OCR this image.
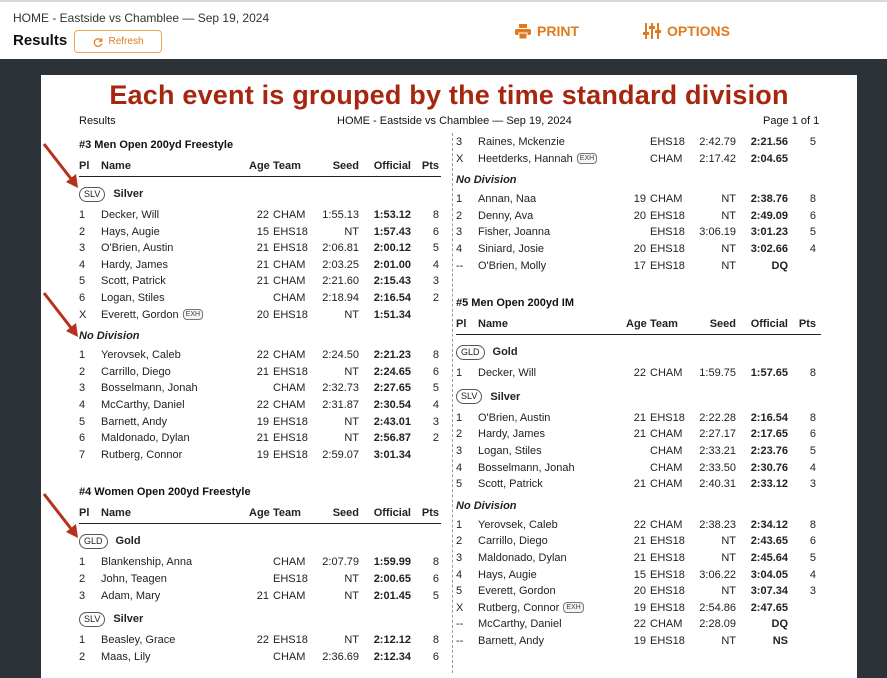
HOME - Eastside vs Chamblee — Sep 19, 2024
Results	Refresh
PRINT	OPTIONS
Each event is grouped by the time standard division
Results	HOME - Eastside vs Chamblee — Sep 19, 2024	Page 1 of 1
#3 Men Open 200yd Freestyle
Pl	Name	Age Team	Seed	Official Pts
SLV	Silver
1	Decker, Will	22 CHAM	1:55.13	1:53.12	8
2	Hays, Augie	15 EHS18	NT	1:57.43	6
3	O'Brien, Austin	21 EHS18	2:06.81	2:00.12	5
4	Hardy, James	21 CHAM	2:03.25	2:01.00	4
5	Scott, Patrick	21 CHAM	2:21.60	2:15.43	3
6	Logan, Stiles	CHAM	2:18.94	2:16.54	2
X	Everett, Gordon	EXH	20 EHS18	NT	1:51.34
No Division
1	Yerovsek, Caleb	22 CHAM	2:24.50	2:21.23	8
2	Carrillo, Diego	21 EHS18	NT	2:24.65	6
3	Bosselmann, Jonah	CHAM	2:32.73	2:27.65	5
4	McCarthy, Daniel	22 CHAM	2:31.87	2:30.54	4
5	Barnett, Andy	19 EHS18	NT	2:43.01	3
6	Maldonado, Dylan	21 EHS18	NT	2:56.87	2
7	Rutberg, Connor	19 EHS18	2:59.07	3:01.34
#4 Women Open 200yd Freestyle
Pl	Name	Age Team	Seed	Official Pts
GLD	Gold
1	Blankenship, Anna	CHAM	2:07.79	1:59.99	8
2	John, Teagen	EHS18	NT	2:00.65	6
3	Adam, Mary	21 CHAM	NT	2:01.45	5
SLV	Silver
1	Beasley, Grace	22 EHS18	NT	2:12.12	8
2	Maas, Lily	CHAM	2:36.69	2:12.34	6
3	Raines, Mckenzie	EHS18	2:42.79	2:21.56	5
X	Heetderks, Hannah	EXH	CHAM	2:17.42	2:04.65
No Division
1	Annan, Naa	19 CHAM	NT	2:38.76	8
2	Denny, Ava	20 EHS18	NT	2:49.09	6
3	Fisher, Joanna	EHS18	3:06.19	3:01.23	5
4	Siniard, Josie	20 EHS18	NT	3:02.66	4
--	O'Brien, Molly	17 EHS18	NT	DQ
#5 Men Open 200yd IM
Pl	Name	Age Team	Seed	Official Pts
GLD	Gold
1	Decker, Will	22 CHAM	1:59.75	1:57.65	8
SLV	Silver
1	O'Brien, Austin	21 EHS18	2:22.28	2:16.54	8
2	Hardy, James	21 CHAM	2:27.17	2:17.65	6
3	Logan, Stiles	CHAM	2:33.21	2:23.76	5
4	Bosselmann, Jonah	CHAM	2:33.50	2:30.76	4
5	Scott, Patrick	21 CHAM	2:40.31	2:33.12	3
No Division
1	Yerovsek, Caleb	22 CHAM	2:38.23	2:34.12	8
2	Carrillo, Diego	21 EHS18	NT	2:43.65	6
3	Maldonado, Dylan	21 EHS18	NT	2:45.64	5
4	Hays, Augie	15 EHS18	3:06.22	3:04.05	4
5	Everett, Gordon	20 EHS18	NT	3:07.34	3
X	Rutberg, Connor	EXH	19 EHS18	2:54.86	2:47.65
--	McCarthy, Daniel	22 CHAM	2:28.09	DQ
--	Barnett, Andy	19 EHS18	NT	NS
